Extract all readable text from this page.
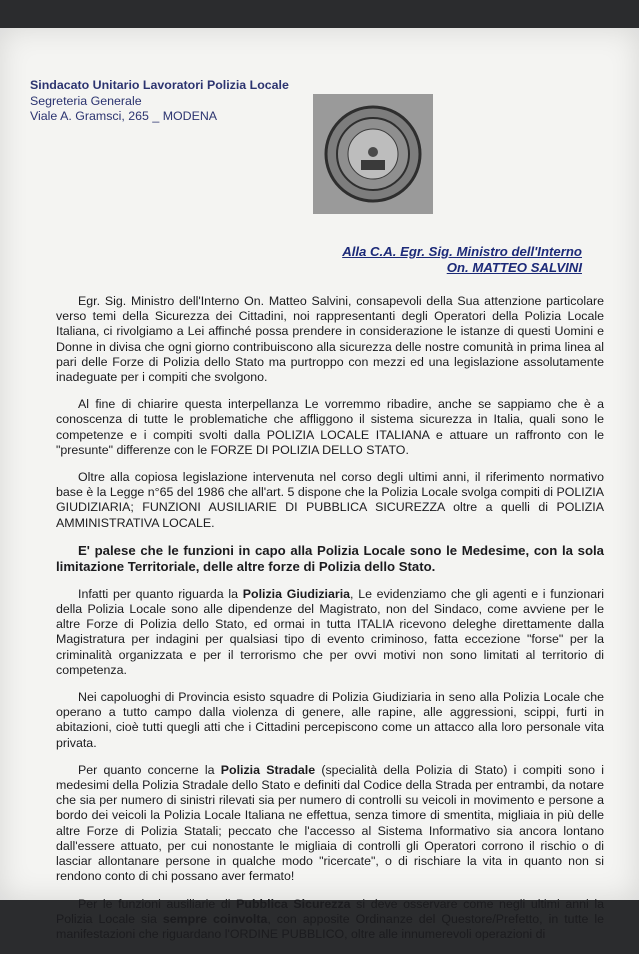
Sindacato Unitario Lavoratori Polizia Locale
Segreteria Generale
Viale A. Gramsci, 265 _ MODENA
Alla C.A. Egr. Sig. Ministro dell'Interno
On. MATTEO SALVINI

Egr. Sig. Ministro dell'Interno On. Matteo Salvini, consapevoli della Sua attenzione particolare verso temi della Sicurezza dei Cittadini, noi rappresentanti degli Operatori della Polizia Locale Italiana, ci rivolgiamo a Lei affinché possa prendere in considerazione le istanze di questi Uomini e Donne in divisa che ogni giorno contribuiscono alla sicurezza delle nostre comunità in prima linea al pari delle Forze di Polizia dello Stato ma purtroppo con mezzi ed una legislazione assolutamente inadeguate per i compiti che svolgono.

Al fine di chiarire questa interpellanza Le vorremmo ribadire, anche se sappiamo che è a conoscenza di tutte le problematiche che affliggono il sistema sicurezza in Italia, quali sono le competenze e i compiti svolti dalla POLIZIA LOCALE ITALIANA e attuare un raffronto con le "presunte" differenze con le FORZE DI POLIZIA DELLO STATO.

Oltre alla copiosa legislazione intervenuta nel corso degli ultimi anni, il riferimento normativo base è la Legge n°65 del 1986 che all'art. 5 dispone che la Polizia Locale svolga compiti di POLIZIA GIUDIZIARIA; FUNZIONI AUSILIARIE DI PUBBLICA SICUREZZA oltre a quelli di POLIZIA AMMINISTRATIVA LOCALE.

E' palese che le funzioni in capo alla Polizia Locale sono le Medesime, con la sola limitazione Territoriale, delle altre forze di Polizia dello Stato.

Infatti per quanto riguarda la Polizia Giudiziaria, Le evidenziamo che gli agenti e i funzionari della Polizia Locale sono alle dipendenze del Magistrato, non del Sindaco, come avviene per le altre Forze di Polizia dello Stato, ed ormai in tutta ITALIA ricevono deleghe direttamente dalla Magistratura per indagini per qualsiasi tipo di evento criminoso, fatta eccezione "forse" per la criminalità organizzata e per il terrorismo che per ovvi motivi non sono limitati al territorio di competenza.

Nei capoluoghi di Provincia esisto squadre di Polizia Giudiziaria in seno alla Polizia Locale che operano a tutto campo dalla violenza di genere, alle rapine, alle aggressioni, scippi, furti in abitazioni, cioè tutti quegli atti che i Cittadini percepiscono come un attacco alla loro personale vita privata.

Per quanto concerne la Polizia Stradale (specialità della Polizia di Stato) i compiti sono i medesimi della Polizia Stradale dello Stato e definiti dal Codice della Strada per entrambi, da notare che sia per numero di sinistri rilevati sia per numero di controlli su veicoli in movimento e persone a bordo dei veicoli la Polizia Locale Italiana ne effettua, senza timore di smentita, migliaia in più delle altre Forze di Polizia Statali; peccato che l'accesso al Sistema Informativo sia ancora lontano dall'essere attuato, per cui nonostante le migliaia di controlli gli Operatori corrono il rischio o di lasciar allontanare persone in qualche modo "ricercate", o di rischiare la vita in quanto non si rendono conto di chi possano aver fermato!

Per le funzioni ausiliarie di Pubblica Sicurezza si deve osservare come negli ultimi anni la Polizia Locale sia sempre coinvolta, con apposite Ordinanze del Questore/Prefetto, in tutte le manifestazioni che riguardano l'ORDINE PUBBLICO, oltre alle innumerevoli operazioni di
